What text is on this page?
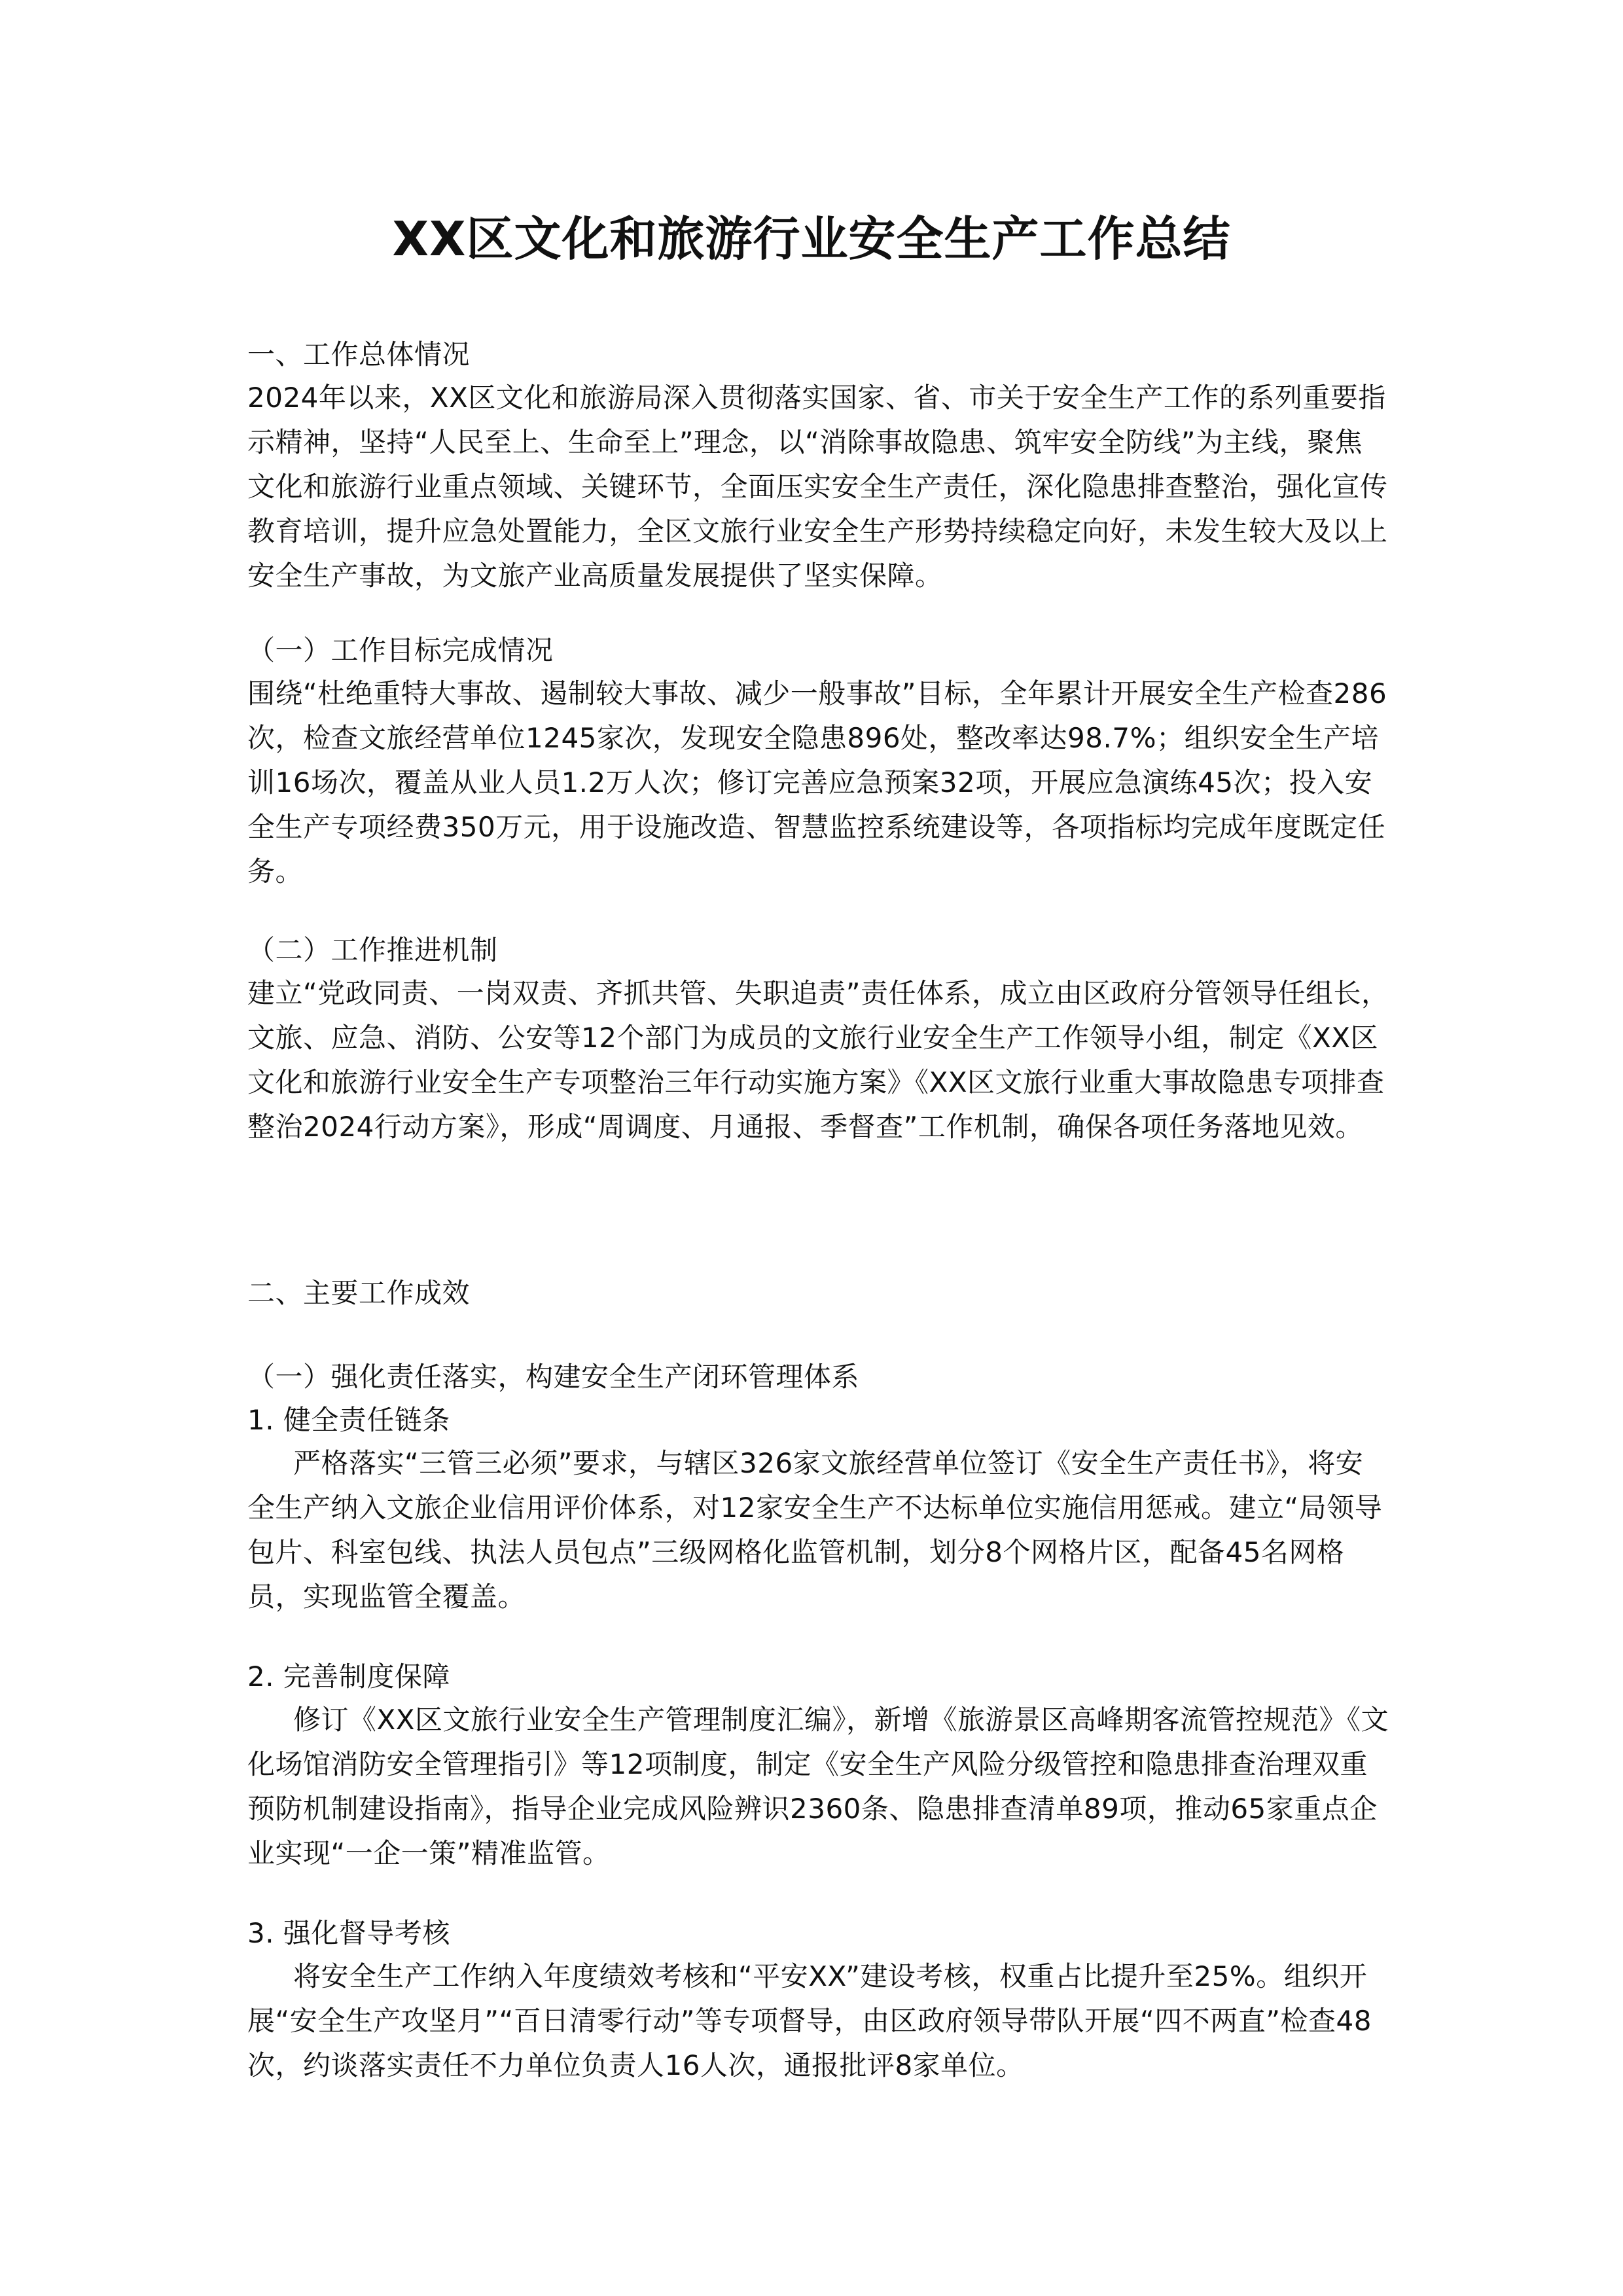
XX区文化和旅游行业安全生产工作总结

一、工作总体情况

2024年以来，XX区文化和旅游局深入贯彻落实国家、省、市关于安全生产工作的系列重要指示精神，坚持“人民至上、生命至上”理念，以“消除事故隐患、筑牢安全防线”为主线，聚焦文化和旅游行业重点领域、关键环节，全面压实安全生产责任，深化隐患排查整治，强化宣传教育培训，提升应急处置能力，全区文旅行业安全生产形势持续稳定向好，未发生较大及以上安全生产事故，为文旅产业高质量发展提供了坚实保障。

（一）工作目标完成情况

围绕“杜绝重特大事故、遏制较大事故、减少一般事故”目标，全年累计开展安全生产检查286次，检查文旅经营单位1245家次，发现安全隐患896处，整改率达98.7%；组织安全生产培训16场次，覆盖从业人员1.2万人次；修订完善应急预案32项，开展应急演练45次；投入安全生产专项经费350万元，用于设施改造、智慧监控系统建设等，各项指标均完成年度既定任务。

（二）工作推进机制

建立“党政同责、一岗双责、齐抓共管、失职追责”责任体系，成立由区政府分管领导任组长，文旅、应急、消防、公安等12个部门为成员的文旅行业安全生产工作领导小组，制定《XX区文化和旅游行业安全生产专项整治三年行动实施方案》《XX区文旅行业重大事故隐患专项排查整治2024行动方案》，形成“周调度、月通报、季督查”工作机制，确保各项任务落地见效。

二、主要工作成效

（一）强化责任落实，构建安全生产闭环管理体系

1. 健全责任链条

严格落实“三管三必须”要求，与辖区326家文旅经营单位签订《安全生产责任书》，将安全生产纳入文旅企业信用评价体系，对12家安全生产不达标单位实施信用惩戒。建立“局领导包片、科室包线、执法人员包点”三级网格化监管机制，划分8个网格片区，配备45名网格员，实现监管全覆盖。

2. 完善制度保障

修订《XX区文旅行业安全生产管理制度汇编》，新增《旅游景区高峰期客流管控规范》《文化场馆消防安全管理指引》等12项制度，制定《安全生产风险分级管控和隐患排查治理双重预防机制建设指南》，指导企业完成风险辨识2360条、隐患排查清单89项，推动65家重点企业实现“一企一策”精准监管。

3. 强化督导考核

将安全生产工作纳入年度绩效考核和“平安XX”建设考核，权重占比提升至25%。组织开展“安全生产攻坚月”“百日清零行动”等专项督导，由区政府领导带队开展“四不两直”检查48次，约谈落实责任不力单位负责人16人次，通报批评8家单位。
